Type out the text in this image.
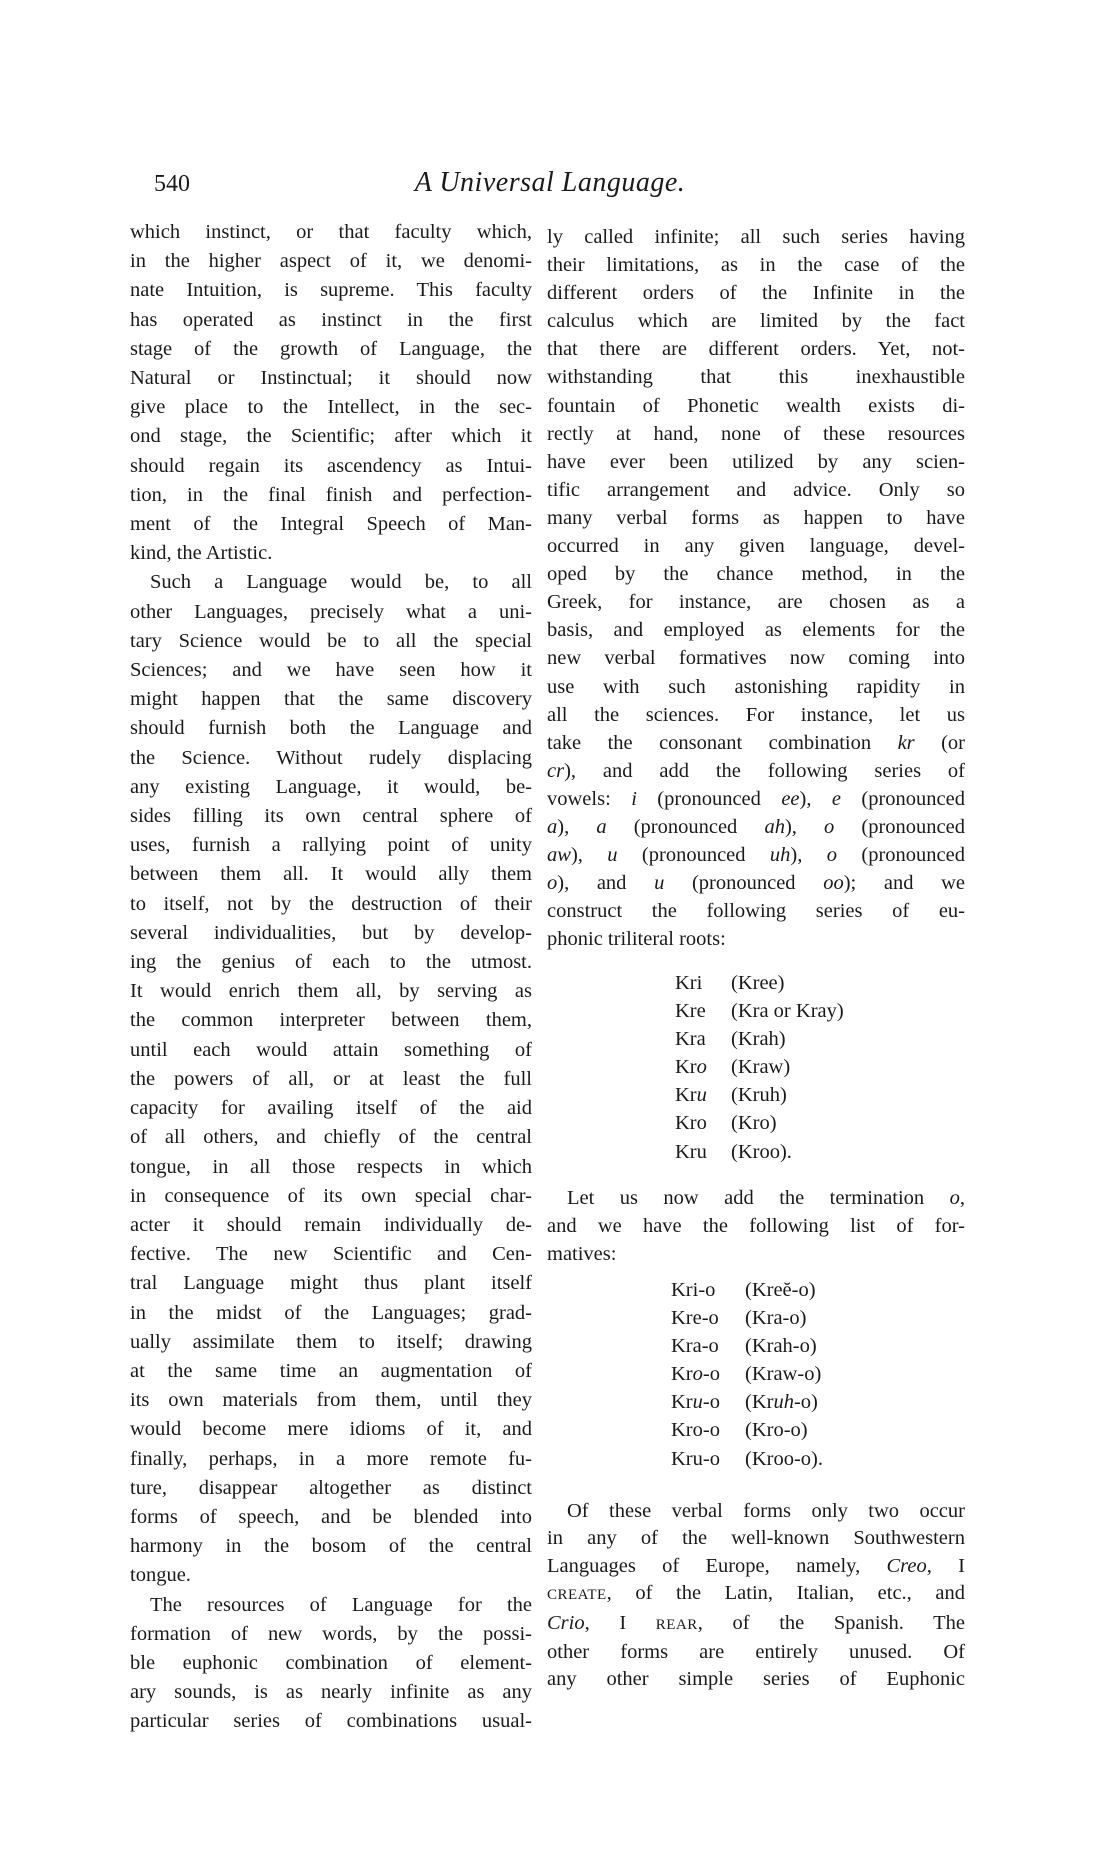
540	A Universal Language.
which instinct, or that faculty which,
in the higher aspect of it, we denomi-
nate Intuition, is supreme. This faculty
has operated as instinct in the first
stage of the growth of Language, the
Natural or Instinctual; it should now
give place to the Intellect, in the sec-
ond stage, the Scientific; after which it
should regain its ascendency as Intui-
tion, in the final finish and perfection-
ment of the Integral Speech of Man-
kind, the Artistic.
Such a Language would be, to all
other Languages, precisely what a uni-
tary Science would be to all the special
Sciences; and we have seen how it
might happen that the same discovery
should furnish both the Language and
the Science. Without rudely displacing
any existing Language, it would, be-
sides filling its own central sphere of
uses, furnish a rallying point of unity
between them all. It would ally them
to itself, not by the destruction of their
several individualities, but by develop-
ing the genius of each to the utmost.
It would enrich them all, by serving as
the common interpreter between them,
until each would attain something of
the powers of all, or at least the full
capacity for availing itself of the aid
of all others, and chiefly of the central
tongue, in all those respects in which
in consequence of its own special char-
acter it should remain individually de-
fective. The new Scientific and Cen-
tral Language might thus plant itself
in the midst of the Languages; grad-
ually assimilate them to itself; drawing
at the same time an augmentation of
its own materials from them, until they
would become mere idioms of it, and
finally, perhaps, in a more remote fu-
ture, disappear altogether as distinct
forms of speech, and be blended into
harmony in the bosom of the central
tongue.
The resources of Language for the
formation of new words, by the possi-
ble euphonic combination of element-
ary sounds, is as nearly infinite as any
particular series of combinations usual-
ly called infinite; all such series having
their limitations, as in the case of the
different orders of the Infinite in the
calculus which are limited by the fact
that there are different orders. Yet, not-
withstanding that this inexhaustible
fountain of Phonetic wealth exists di-
rectly at hand, none of these resources
have ever been utilized by any scien-
tific arrangement and advice. Only so
many verbal forms as happen to have
occurred in any given language, devel-
oped by the chance method, in the
Greek, for instance, are chosen as a
basis, and employed as elements for the
new verbal formatives now coming into
use with such astonishing rapidity in
all the sciences. For instance, let us
take the consonant combination kr (or
cr), and add the following series of
vowels: i (pronounced ee), e (pronounced
a), a (pronounced ah), o (pronounced
aw), u (pronounced uh), o (pronounced
o), and u (pronounced oo); and we
construct the following series of eu-
phonic triliteral roots:
Kri (Kree)
Kre (Kra or Kray)
Kra (Krah)
Kro (Kraw)
Kru (Kruh)
Kro (Kro)
Kru (Kroo).
Let us now add the termination o,
and we have the following list of for-
matives:
Kri-o (Kreĕ-o)
Kre-o (Kra-o)
Kra-o (Krah-o)
Kro-o (Kraw-o)
Kru-o (Kruh-o)
Kro-o (Kro-o)
Kru-o (Kroo-o).
Of these verbal forms only two occur
in any of the well-known Southwestern
Languages of Europe, namely, Creo, I
CREATE, of the Latin, Italian, etc., and
Crio, I REAR, of the Spanish. The
other forms are entirely unused. Of
any other simple series of Euphonic
